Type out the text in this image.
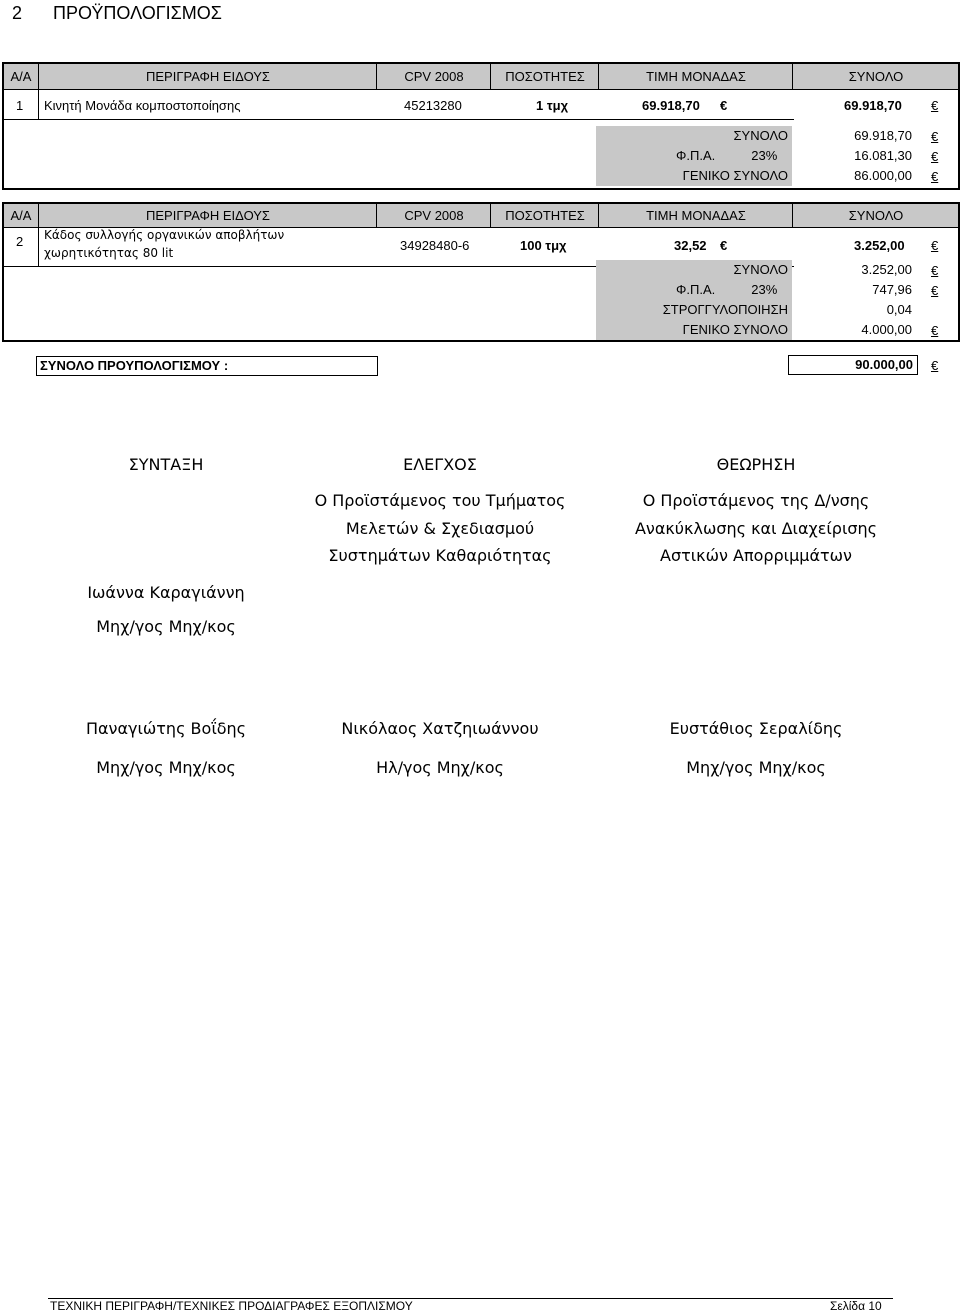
2 ΠΡΟΫΠΟΛΟΓΙΣΜΟΣ
Α/Α	ΠΕΡΙΓΡΑΦΗ ΕΙΔΟΥΣ	CPV 2008	ΠΟΣΟΤΗΤΕΣ	ΤΙΜΗ ΜΟΝΑΔΑΣ	ΣΥΝΟΛΟ
1 Κινητή Μονάδα κομποστοποίησης	45213280	1 τμχ	69.918,70 €	69.918,70 €
ΣΥΝΟΛΟ	69.918,70 €
Φ.Π.Α.	23%	16.081,30 €
ΓΕΝΙΚΟ ΣΥΝΟΛΟ	86.000,00 €
Α/Α	ΠΕΡΙΓΡΑΦΗ ΕΙΔΟΥΣ	CPV 2008	ΠΟΣΟΤΗΤΕΣ	ΤΙΜΗ ΜΟΝΑΔΑΣ	ΣΥΝΟΛΟ
2 Κάδος συλλογής οργανικών αποβλήτων
χωρητικότητας 80 lit	34928480-6	100 τμχ	32,52 €	3.252,00 €
ΣΥΝΟΛΟ	3.252,00 €
Φ.Π.Α.	23%	747,96 €
ΣΤΡΟΓΓΥΛΟΠΟΙΗΣΗ	0,04
ΓΕΝΙΚΟ ΣΥΝΟΛΟ	4.000,00 €
ΣΥΝΟΛΟ ΠΡΟΥΠΟΛΟΓΙΣΜΟΥ :	90.000,00	€
ΣΥΝΤΑΞΗ	ΕΛΕΓΧΟΣ	ΘΕΩΡΗΣΗ
Ο Προϊστάμενος του Τμήματος
Μελετών & Σχεδιασμού
Συστημάτων Καθαριότητας
Ο Προϊστάμενος της Δ/νσης
Ανακύκλωσης και Διαχείρισης
Αστικών Απορριμμάτων
Ιωάννα Καραγιάννη
Μηχ/γος Μηχ/κος
Παναγιώτης Βοΐδης
Μηχ/γος Μηχ/κος
Νικόλαος Χατζηιωάννου
Ηλ/γος Μηχ/κος
Ευστάθιος Σεραλίδης
Μηχ/γος Μηχ/κος
ΤΕΧΝΙΚΗ ΠΕΡΙΓΡΑΦΗ/ΤΕΧΝΙΚΕΣ ΠΡΟΔΙΑΓΡΑΦΕΣ ΕΞΟΠΛΙΣΜΟΥ	Σελίδα 10
